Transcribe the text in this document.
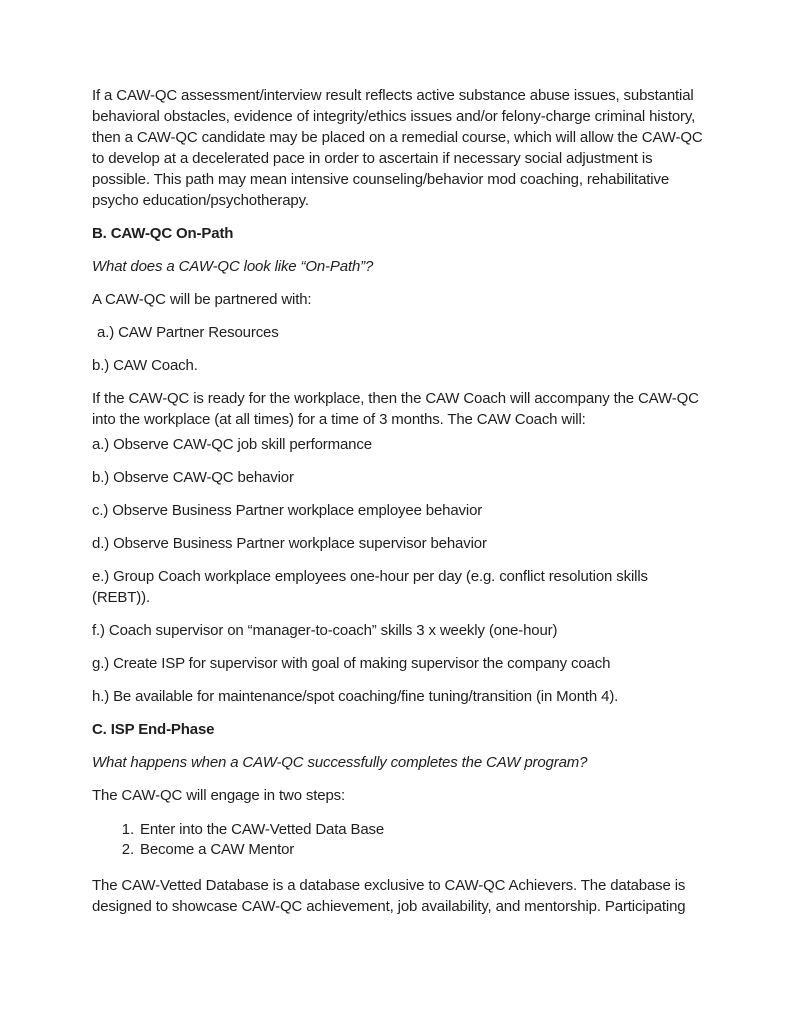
If a CAW-QC assessment/interview result reflects active substance abuse issues, substantial behavioral obstacles, evidence of integrity/ethics issues and/or felony-charge criminal history, then a CAW-QC candidate may be placed on a remedial course, which will allow the CAW-QC to develop at a decelerated pace in order to ascertain if necessary social adjustment is possible. This path may mean intensive counseling/behavior mod coaching, rehabilitative psycho education/psychotherapy.

B. CAW-QC On-Path

What does a CAW-QC look like “On-Path”?

A CAW-QC will be partnered with:

a.) CAW Partner Resources

b.) CAW Coach.

If the CAW-QC is ready for the workplace, then the CAW Coach will accompany the CAW-QC into the workplace (at all times) for a time of 3 months. The CAW Coach will:

a.) Observe CAW-QC job skill performance

b.) Observe CAW-QC behavior

c.) Observe Business Partner workplace employee behavior

d.) Observe Business Partner workplace supervisor behavior

e.) Group Coach workplace employees one-hour per day (e.g. conflict resolution skills (REBT)).

f.) Coach supervisor on “manager-to-coach” skills 3 x weekly (one-hour)

g.) Create ISP for supervisor with goal of making supervisor the company coach

h.) Be available for maintenance/spot coaching/fine tuning/transition (in Month 4).

C. ISP End-Phase

What happens when a CAW-QC successfully completes the CAW program?

The CAW-QC will engage in two steps:

1. Enter into the CAW-Vetted Data Base
2. Become a CAW Mentor

The CAW-Vetted Database is a database exclusive to CAW-QC Achievers. The database is designed to showcase CAW-QC achievement, job availability, and mentorship. Participating
